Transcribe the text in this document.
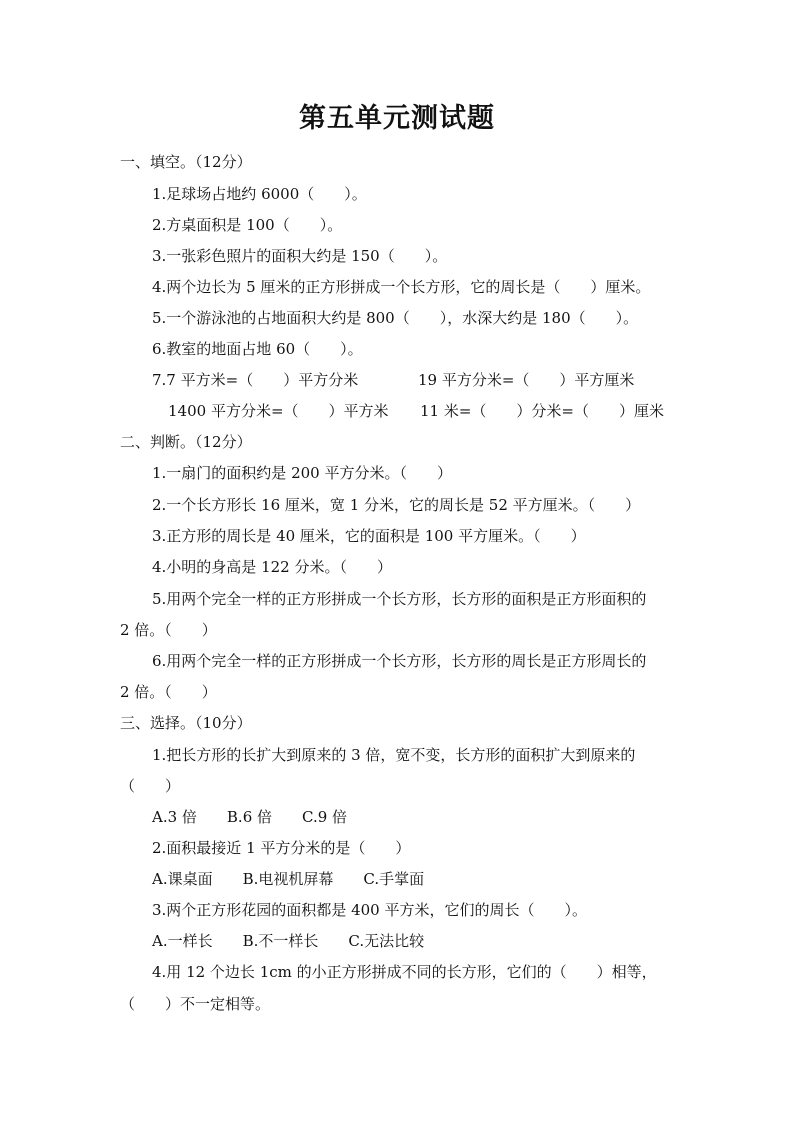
第五单元测试题
一、填空。（12分）
1.足球场占地约 6000（　　）。
2.方桌面积是 100（　　）。
3.一张彩色照片的面积大约是 150（　　）。
4.两个边长为 5 厘米的正方形拼成一个长方形，它的周长是（　　）厘米。
5.一个游泳池的占地面积大约是 800（　　），水深大约是 180（　　）。
6.教室的地面占地 60（　　）。
7.7 平方米=（　　）平方分米	19 平方分米=（　　）平方厘米
1400 平方分米=（　　）平方米 11 米=（　　）分米=（　　）厘米
二、判断。（12分）
1.一扇门的面积约是 200 平方分米。（　　）
2.一个长方形长 16 厘米，宽 1 分米，它的周长是 52 平方厘米。（　　）
3.正方形的周长是 40 厘米，它的面积是 100 平方厘米。（　　）
4.小明的身高是 122 分米。（　　）
5.用两个完全一样的正方形拼成一个长方形，长方形的面积是正方形面积的
2 倍。（　　）
6.用两个完全一样的正方形拼成一个长方形，长方形的周长是正方形周长的
2 倍。（　　）
三、选择。（10分）
1.把长方形的长扩大到原来的 3 倍，宽不变，长方形的面积扩大到原来的
（　　）
A.3 倍　　B.6 倍　　C.9 倍
2.面积最接近 1 平方分米的是（　　）
A.课桌面　　B.电视机屏幕　　C.手掌面
3.两个正方形花园的面积都是 400 平方米，它们的周长（　　）。
A.一样长　　B.不一样长　　C.无法比较
4.用 12 个边长 1cm 的小正方形拼成不同的长方形，它们的（　　）相等，
（　　）不一定相等。
